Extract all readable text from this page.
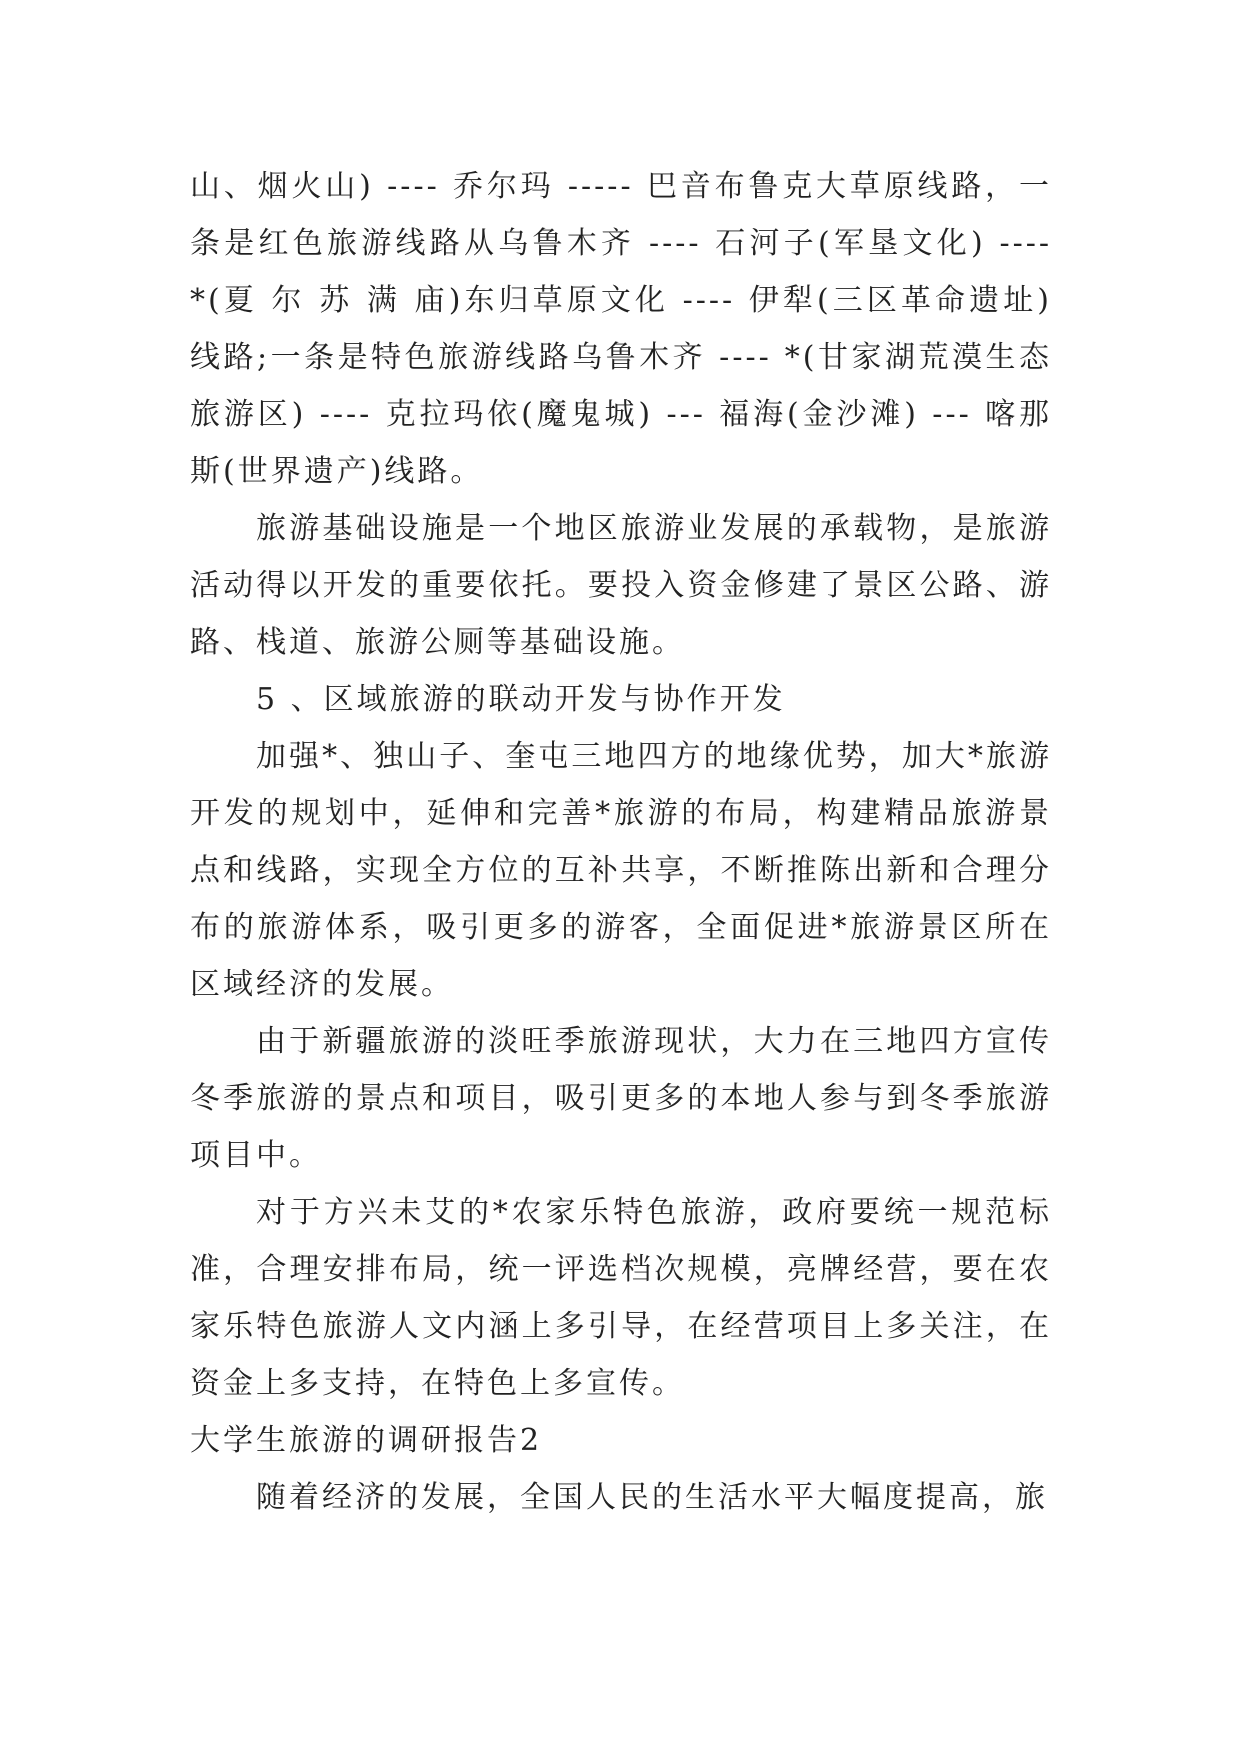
山、烟火山) ---- 乔尔玛 ----- 巴音布鲁克大草原线路，一条是红色旅游线路从乌鲁木齐 ---- 石河子(军垦文化) ---- *(夏 尔 苏 满 庙)东归草原文化 ---- 伊犁(三区革命遗址)线路;一条是特色旅游线路乌鲁木齐 ---- *(甘家湖荒漠生态旅游区) ---- 克拉玛依(魔鬼城) --- 福海(金沙滩) --- 喀那斯(世界遗产)线路。

旅游基础设施是一个地区旅游业发展的承载物，是旅游活动得以开发的重要依托。要投入资金修建了景区公路、游路、栈道、旅游公厕等基础设施。

5 、区域旅游的联动开发与协作开发

加强*、独山子、奎屯三地四方的地缘优势，加大*旅游开发的规划中，延伸和完善*旅游的布局，构建精品旅游景点和线路，实现全方位的互补共享，不断推陈出新和合理分布的旅游体系，吸引更多的游客，全面促进*旅游景区所在区域经济的发展。

由于新疆旅游的淡旺季旅游现状，大力在三地四方宣传冬季旅游的景点和项目，吸引更多的本地人参与到冬季旅游项目中。

对于方兴未艾的*农家乐特色旅游，政府要统一规范标准，合理安排布局，统一评选档次规模，亮牌经营，要在农家乐特色旅游人文内涵上多引导，在经营项目上多关注，在资金上多支持，在特色上多宣传。

大学生旅游的调研报告2

随着经济的发展，全国人民的生活水平大幅度提高，旅
